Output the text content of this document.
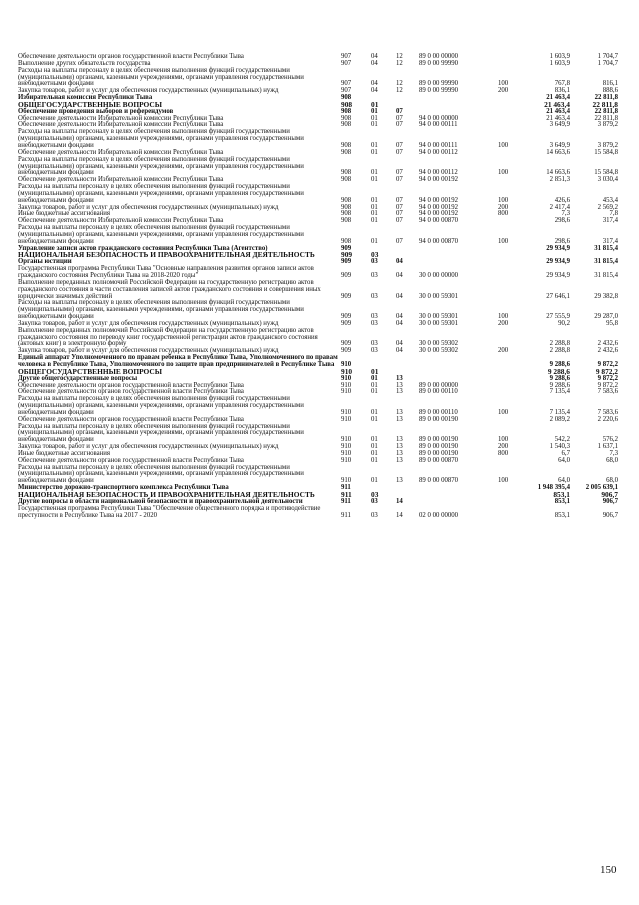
Обеспечение деятельности органов государственной власти Республики Тыва	907	04	12	89 0 00 00000	1 603,9	1 704,7
Выполнение других обязательств государства	907	04	12	89 0 00 99990	1 603,9	1 704,7
Расходы на выплаты персоналу в целях обеспечения выполнения функций государственными (муниципальными) органами, казенными учреждениями, органами управления государственными внебюджетными фондами	907	04	12	89 0 00 99990	100	767,8	816,1
Закупка товаров, работ и услуг для обеспечения государственных (муниципальных) нужд	907	04	12	89 0 00 99990	200	836,1	888,6
Избирательная комиссия Республики Тыва	908	21 463,4	22 811,8
ОБЩЕГОСУДАРСТВЕННЫЕ ВОПРОСЫ	908	01	21 463,4	22 811,8
Обеспечение проведения выборов и референдумов	908	01	07	21 463,4	22 811,8
Обеспечение деятельности Избирательной комиссии Республики Тыва	908	01	07	94 0 00 00000	21 463,4	22 811,8
Обеспечение деятельности Избирательной комиссии Республики Тыва	908	01	07	94 0 00 00111	3 649,9	3 879,2
Расходы на выплаты персоналу в целях обеспечения выполнения функций государственными (муниципальными) органами, казенными учреждениями, органами управления государственными внебюджетными фондами	908	01	07	94 0 00 00111	100	3 649,9	3 879,2
Обеспечение деятельности Избирательной комиссии Республики Тыва	908	01	07	94 0 00 00112	14 663,6	15 584,8
Расходы на выплаты персоналу в целях обеспечения выполнения функций государственными (муниципальными) органами, казенными учреждениями, органами управления государственными внебюджетными фондами	908	01	07	94 0 00 00112	100	14 663,6	15 584,8
Обеспечение деятельности Избирательной комиссии Республики Тыва	908	01	07	94 0 00 00192	2 851,3	3 030,4
Расходы на выплаты персоналу в целях обеспечения выполнения функций государственными (муниципальными) органами, казенными учреждениями, органами управления государственными внебюджетными фондами	908	01	07	94 0 00 00192	100	426,6	453,4
Закупка товаров, работ и услуг для обеспечения государственных (муниципальных) нужд	908	01	07	94 0 00 00192	200	2 417,4	2 569,2
Иные бюджетные ассигнования	908	01	07	94 0 00 00192	800	7,3	7,8
Обеспечение деятельности Избирательной комиссии Республики Тыва	908	01	07	94 0 00 00870	298,6	317,4
Расходы на выплаты персоналу в целях обеспечения выполнения функций государственными (муниципальными) органами, казенными учреждениями, органами управления государственными внебюджетными фондами	908	01	07	94 0 00 00870	100	298,6	317,4
Управление записи актов гражданского состояния Республики Тыва (Агентство)	909	29 934,9	31 815,4
НАЦИОНАЛЬНАЯ БЕЗОПАСНОСТЬ И ПРАВООХРАНИТЕЛЬНАЯ ДЕЯТЕЛЬНОСТЬ	909	03
Органы юстиции	909	03	04	29 934,9	31 815,4
Государственная программа Республики Тыва "Основные направления развития органов записи актов гражданского состояния Республики Тыва на 2018-2020 годы"	909	03	04	30 0 00 00000	29 934,9	31 815,4
Выполнение переданных полномочий Российской Федерации на государственную регистрацию актов гражданского состояния в части составления записей актов гражданского состояния и совершения иных юридически значимых действий	909	03	04	30 0 00 59301	27 646,1	29 382,8
Расходы на выплаты персоналу в целях обеспечения выполнения функций государственными (муниципальными) органами, казенными учреждениями, органами управления государственными внебюджетными фондами	909	03	04	30 0 00 59301	100	27 555,9	29 287,0
Закупка товаров, работ и услуг для обеспечения государственных (муниципальных) нужд	909	03	04	30 0 00 59301	200	90,2	95,8
Выполнение переданных полномочий Российской Федерации на государственную регистрацию актов гражданского состояния по переводу книг государственной регистрации актов гражданского состояния (актовых книг) в электронную форму	909	03	04	30 0 00 59302	2 288,8	2 432,6
Закупка товаров, работ и услуг для обеспечения государственных (муниципальных) нужд	909	03	04	30 0 00 59302	200	2 288,8	2 432,6
Единый аппарат Уполномоченного по правам ребенка в Республике Тыва, Уполномоченного по правам человека в Республике Тыва, Уполномоченного по защите прав предпринимателей в Республике Тыва 910	9 288,6	9 872,2
ОБЩЕГОСУДАРСТВЕННЫЕ ВОПРОСЫ	910	01	9 288,6	9 872,2
Другие общегосударственные вопросы	910	01	13	9 288,6	9 872,2
Обеспечение деятельности органов государственной власти Республики Тыва	910	01	13	89 0 00 00000	9 288,6	9 872,2
Обеспечение деятельности органов государственной власти Республики Тыва	910	01	13	89 0 00 00110	7 135,4	7 583,6
Расходы на выплаты персоналу в целях обеспечения выполнения функций государственными (муниципальными) органами, казенными учреждениями, органами управления государственными внебюджетными фондами	910	01	13	89 0 00 00110	100	7 135,4	7 583,6
Обеспечение деятельности органов государственной власти Республики Тыва	910	01	13	89 0 00 00190	2 089,2	2 220,6
Расходы на выплаты персоналу в целях обеспечения выполнения функций государственными (муниципальными) органами, казенными учреждениями, органами управления государственными внебюджетными фондами	910	01	13	89 0 00 00190	100	542,2	576,2
Закупка товаров, работ и услуг для обеспечения государственных (муниципальных) нужд	910	01	13	89 0 00 00190	200	1 540,3	1 637,1
Иные бюджетные ассигнования	910	01	13	89 0 00 00190	800	6,7	7,3
Обеспечение деятельности органов государственной власти Республики Тыва	910	01	13	89 0 00 00870	64,0	68,0
Расходы на выплаты персоналу в целях обеспечения выполнения функций государственными (муниципальными) органами, казенными учреждениями, органами управления государственными внебюджетными фондами	910	01	13	89 0 00 00870	100	64,0	68,0
Министерство дорожно-транспортного комплекса Республики Тыва	911	1 948 395,4	2 005 639,1
НАЦИОНАЛЬНАЯ БЕЗОПАСНОСТЬ И ПРАВООХРАНИТЕЛЬНАЯ ДЕЯТЕЛЬНОСТЬ	911	03	853,1	906,7
Другие вопросы в области национальной безопасности и правоохранительной деятельности	911	03	14	853,1	906,7
Государственная программа Республики Тыва "Обеспечение общественного порядка и противодействие преступности в Республике Тыва на 2017 - 2020	911	03	14	02 0 00 00000	853,1	906,7
150
